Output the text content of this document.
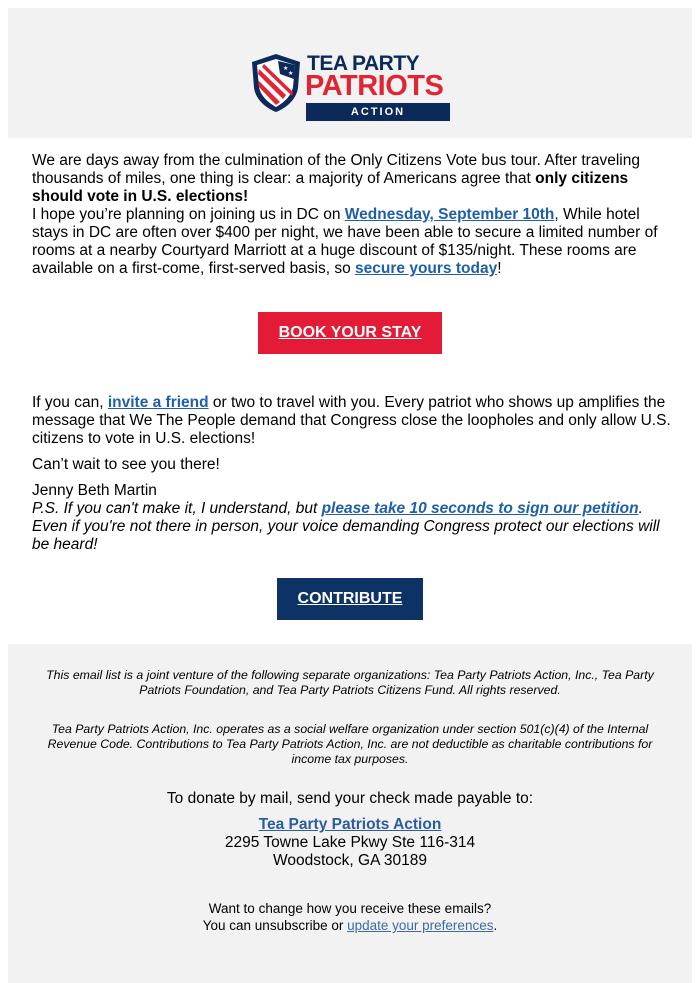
★
★ TEA PARTY
PATRIOTS
ACTION

We are days away from the culmination of the Only Citizens Vote bus tour. After traveling thousands of miles, one thing is clear: a majority of Americans agree that only citizens should vote in U.S. elections!
I hope you’re planning on joining us in DC on Wednesday, September 10th, While hotel stays in DC are often over $400 per night, we have been able to secure a limited number of rooms at a nearby Courtyard Marriott at a huge discount of $135/night. These rooms are available on a first-come, first-served basis, so secure yours today!

BOOK YOUR STAY

If you can, invite a friend or two to travel with you. Every patriot who shows up amplifies the message that We The People demand that Congress close the loopholes and only allow U.S. citizens to vote in U.S. elections!

Can’t wait to see you there!

Jenny Beth Martin

P.S. If you can't make it, I understand, but please take 10 seconds to sign our petition. Even if you're not there in person, your voice demanding Congress protect our elections will be heard!

CONTRIBUTE
This email list is a joint venture of the following separate organizations: Tea Party Patriots Action, Inc., Tea Party Patriots Foundation, and Tea Party Patriots Citizens Fund. All rights reserved.
Tea Party Patriots Action, Inc. operates as a social welfare organization under section 501(c)(4) of the Internal Revenue Code. Contributions to Tea Party Patriots Action, Inc. are not deductible as charitable contributions for income tax purposes.
To donate by mail, send your check made payable to:
Tea Party Patriots Action
2295 Towne Lake Pkwy Ste 116-314
Woodstock, GA 30189
Want to change how you receive these emails?
You can unsubscribe or update your preferences.
